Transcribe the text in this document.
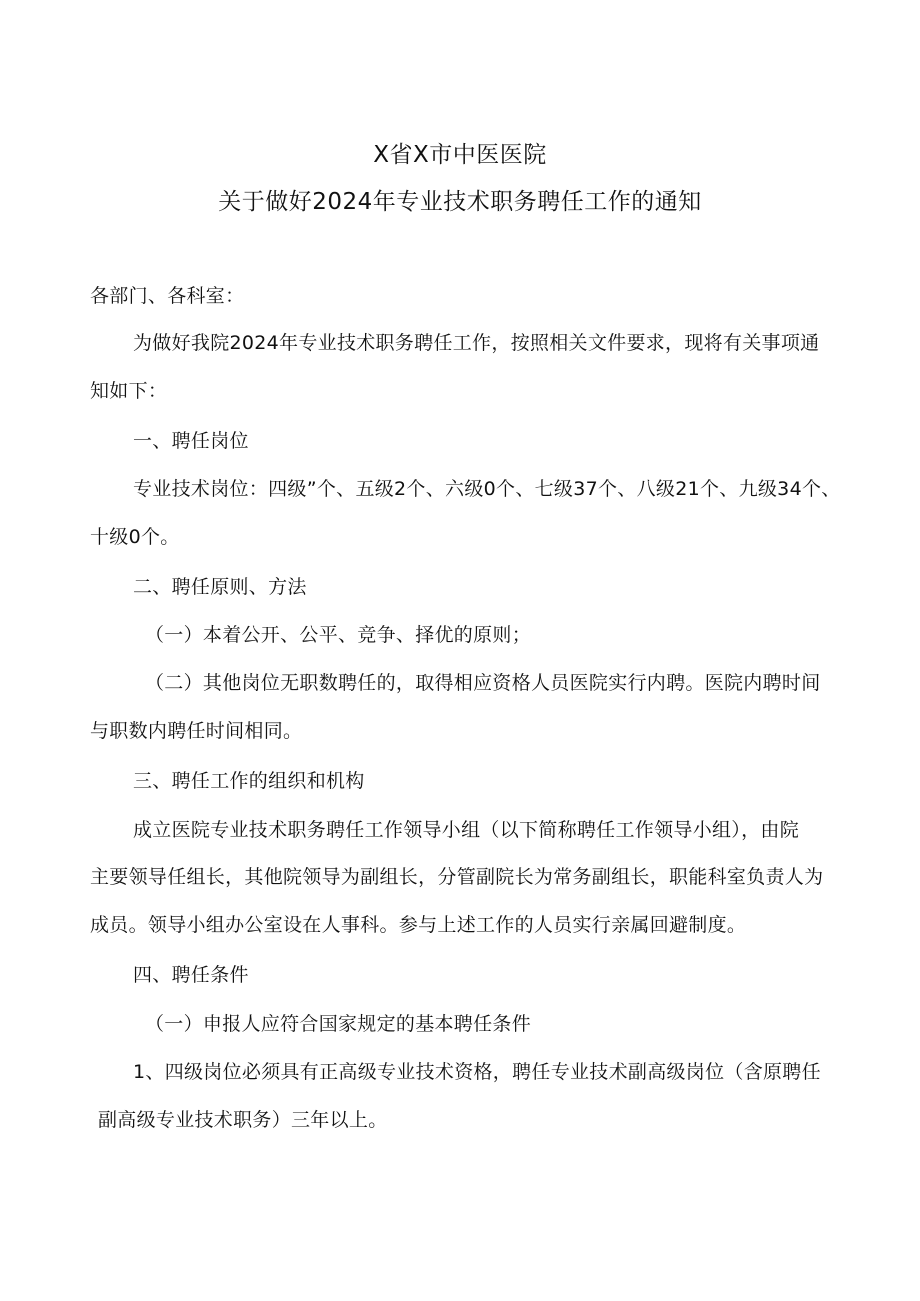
X省X市中医医院
关于做好2024年专业技术职务聘任工作的通知
各部门、各科室：
为做好我院2024年专业技术职务聘任工作，按照相关文件要求，现将有关事项通
知如下：
一、聘任岗位
专业技术岗位：四级”个、五级2个、六级0个、七级37个、八级21个、九级34个、
十级0个。
二、聘任原则、方法
（一）本着公开、公平、竞争、择优的原则；
（二）其他岗位无职数聘任的，取得相应资格人员医院实行内聘。医院内聘时间
与职数内聘任时间相同。
三、聘任工作的组织和机构
成立医院专业技术职务聘任工作领导小组（以下简称聘任工作领导小组），由院
主要领导任组长，其他院领导为副组长，分管副院长为常务副组长，职能科室负责人为
成员。领导小组办公室设在人事科。参与上述工作的人员实行亲属回避制度。
四、聘任条件
（一）申报人应符合国家规定的基本聘任条件
1、四级岗位必须具有正高级专业技术资格，聘任专业技术副高级岗位（含原聘任
副高级专业技术职务）三年以上。
